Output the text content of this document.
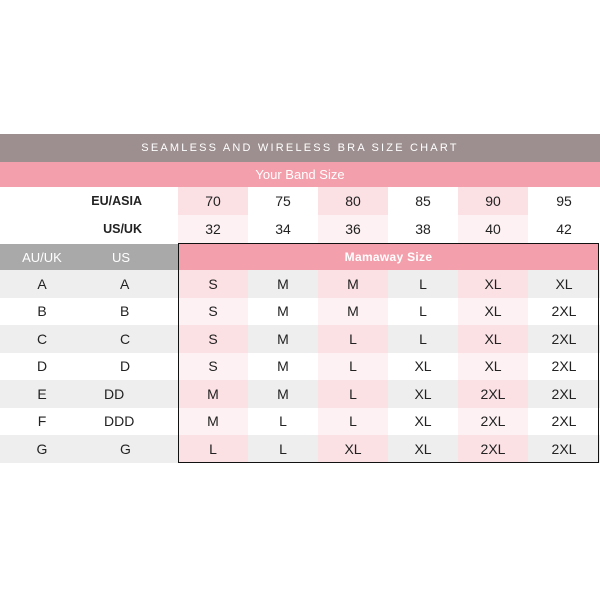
SEAMLESS AND WIRELESS BRA SIZE CHART
Your Band Size
EU/ASIA	70	75	80	85	90	95
US/UK	32	34	36	38	40	42
AU/UK	US	Mamaway Size
A	A	S	M	M	L	XL	XL
B	B	S	M	M	L	XL	2XL
C	C	S	M	L	L	XL	2XL
D	D	S	M	L	XL	XL	2XL
E	DD	M	M	L	XL	2XL	2XL
F	DDD	M	L	L	XL	2XL	2XL
G	G	L	L	XL	XL	2XL	2XL
